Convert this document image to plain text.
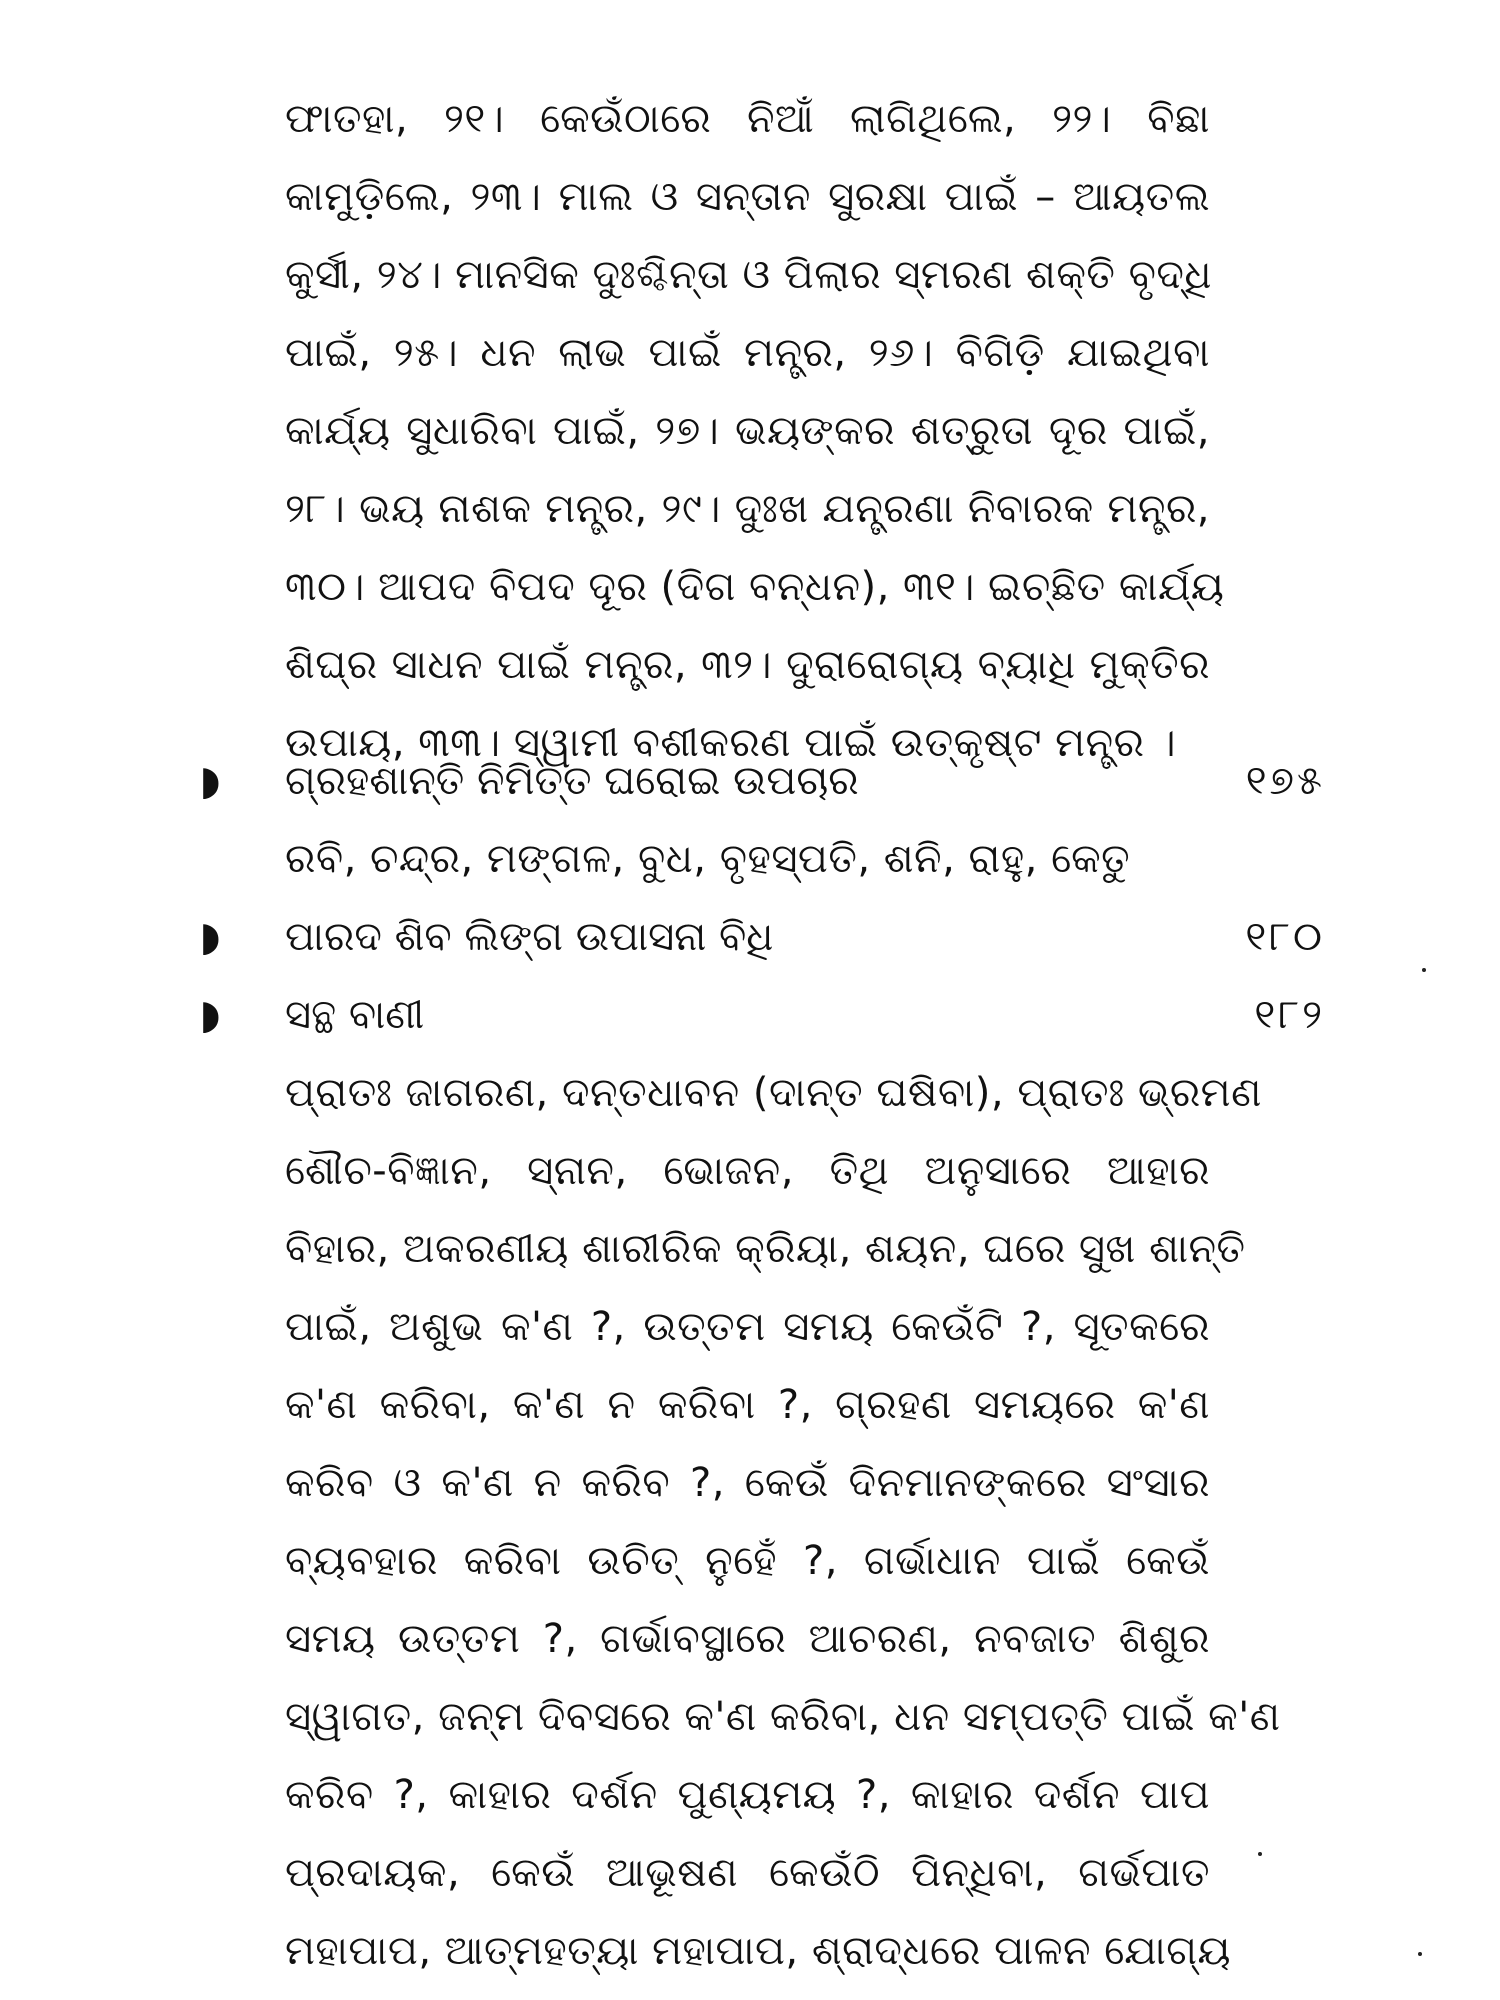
ଫାତହା, ୨୧। କେଉଁଠାରେ ନିଆଁ ଲାଗିଥିଲେ, ୨୨। ବିଛା
କାମୁଡ଼ିଲେ, ୨୩। ମାଲ ଓ ସନ୍ତାନ ସୁରକ୍ଷା ପାଇଁ – ଆୟତଲ
କୁର୍ସୀ, ୨୪। ମାନସିକ ଦୁଃଶ୍ଚିନ୍ତା ଓ ପିଲାର ସ୍ମରଣ ଶକ୍ତି ବୃଦ୍ଧି
ପାଇଁ, ୨୫। ଧନ ଲାଭ ପାଇଁ ମନ୍ତ୍ର, ୨୬। ବିଗିଡ଼ି ଯାଇଥିବା
କାର୍ଯ୍ୟ ସୁଧାରିବା ପାଇଁ, ୨୭। ଭୟଙ୍କର ଶତ୍ରୁତା ଦୂର ପାଇଁ,
୨୮। ଭୟ ନାଶକ ମନ୍ତ୍ର, ୨୯। ଦୁଃଖ ଯନ୍ତ୍ରଣା ନିବାରକ ମନ୍ତ୍ର,
୩୦। ଆପଦ ବିପଦ ଦୂର (ଦିଗ ବନ୍ଧନ), ୩୧। ଇଚ୍ଛିତ କାର୍ଯ୍ୟ
ଶିଘ୍ର ସାଧନ ପାଇଁ ମନ୍ତ୍ର, ୩୨। ଦୁରାରୋଗ୍ୟ ବ୍ୟାଧି ମୁକ୍ତିର
ଉପାୟ, ୩୩। ସ୍ୱାମୀ ବଶୀକରଣ ପାଇଁ ଉତ୍କୃଷ୍ଟ ମନ୍ତ୍ର ।
◗	ଗ୍ରହଶାନ୍ତି ନିମିତ୍ତ ଘରୋଇ ଉପଚାର	୧୭୫
ରବି, ଚନ୍ଦ୍ର, ମଙ୍ଗଳ, ବୁଧ, ବୃହସ୍ପତି, ଶନି, ରାହୁ, କେତୁ
◗	ପାରଦ ଶିବ ଲିଙ୍ଗ ଉପାସନା ବିଧି	୧୮୦
◗	ସନ୍ଥ ବାଣୀ	୧୮୨
ପ୍ରାତଃ ଜାଗରଣ, ଦନ୍ତଧାବନ (ଦାନ୍ତ ଘଷିବା), ପ୍ରାତଃ ଭ୍ରମଣ
ଶୌଚ-ବିଜ୍ଞାନ, ସ୍ନାନ, ଭୋଜନ, ତିଥି ଅନୁସାରେ ଆହାର
ବିହାର, ଅକରଣୀୟ ଶାରୀରିକ କ୍ରିୟା, ଶୟନ, ଘରେ ସୁଖ ଶାନ୍ତି
ପାଇଁ, ଅଶୁଭ କ'ଣ ?, ଉତ୍ତମ ସମୟ କେଉଁଟି ?, ସୂତକରେ
କ'ଣ କରିବା, କ'ଣ ନ କରିବା ?, ଗ୍ରହଣ ସମୟରେ କ'ଣ
କରିବ ଓ କ'ଣ ନ କରିବ ?, କେଉଁ ଦିନମାନଙ୍କରେ ସଂସାର
ବ୍ୟବହାର କରିବା ଉଚିତ୍ ନୁହେଁ ?, ଗର୍ଭାଧାନ ପାଇଁ କେଉଁ
ସମୟ ଉତ୍ତମ ?, ଗର୍ଭାବସ୍ଥାରେ ଆଚରଣ, ନବଜାତ ଶିଶୁର
ସ୍ୱାଗତ, ଜନ୍ମ ଦିବସରେ କ'ଣ କରିବା, ଧନ ସମ୍ପତ୍ତି ପାଇଁ କ'ଣ
କରିବ ?, କାହାର ଦର୍ଶନ ପୁଣ୍ୟମୟ ?, କାହାର ଦର୍ଶନ ପାପ
ପ୍ରଦାୟକ, କେଉଁ ଆଭୂଷଣ କେଉଁଠି ପିନ୍ଧିବା, ଗର୍ଭପାତ
ମହାପାପ, ଆତ୍ମହତ୍ୟା ମହାପାପ, ଶ୍ରାଦ୍ଧରେ ପାଳନ ଯୋଗ୍ୟ
